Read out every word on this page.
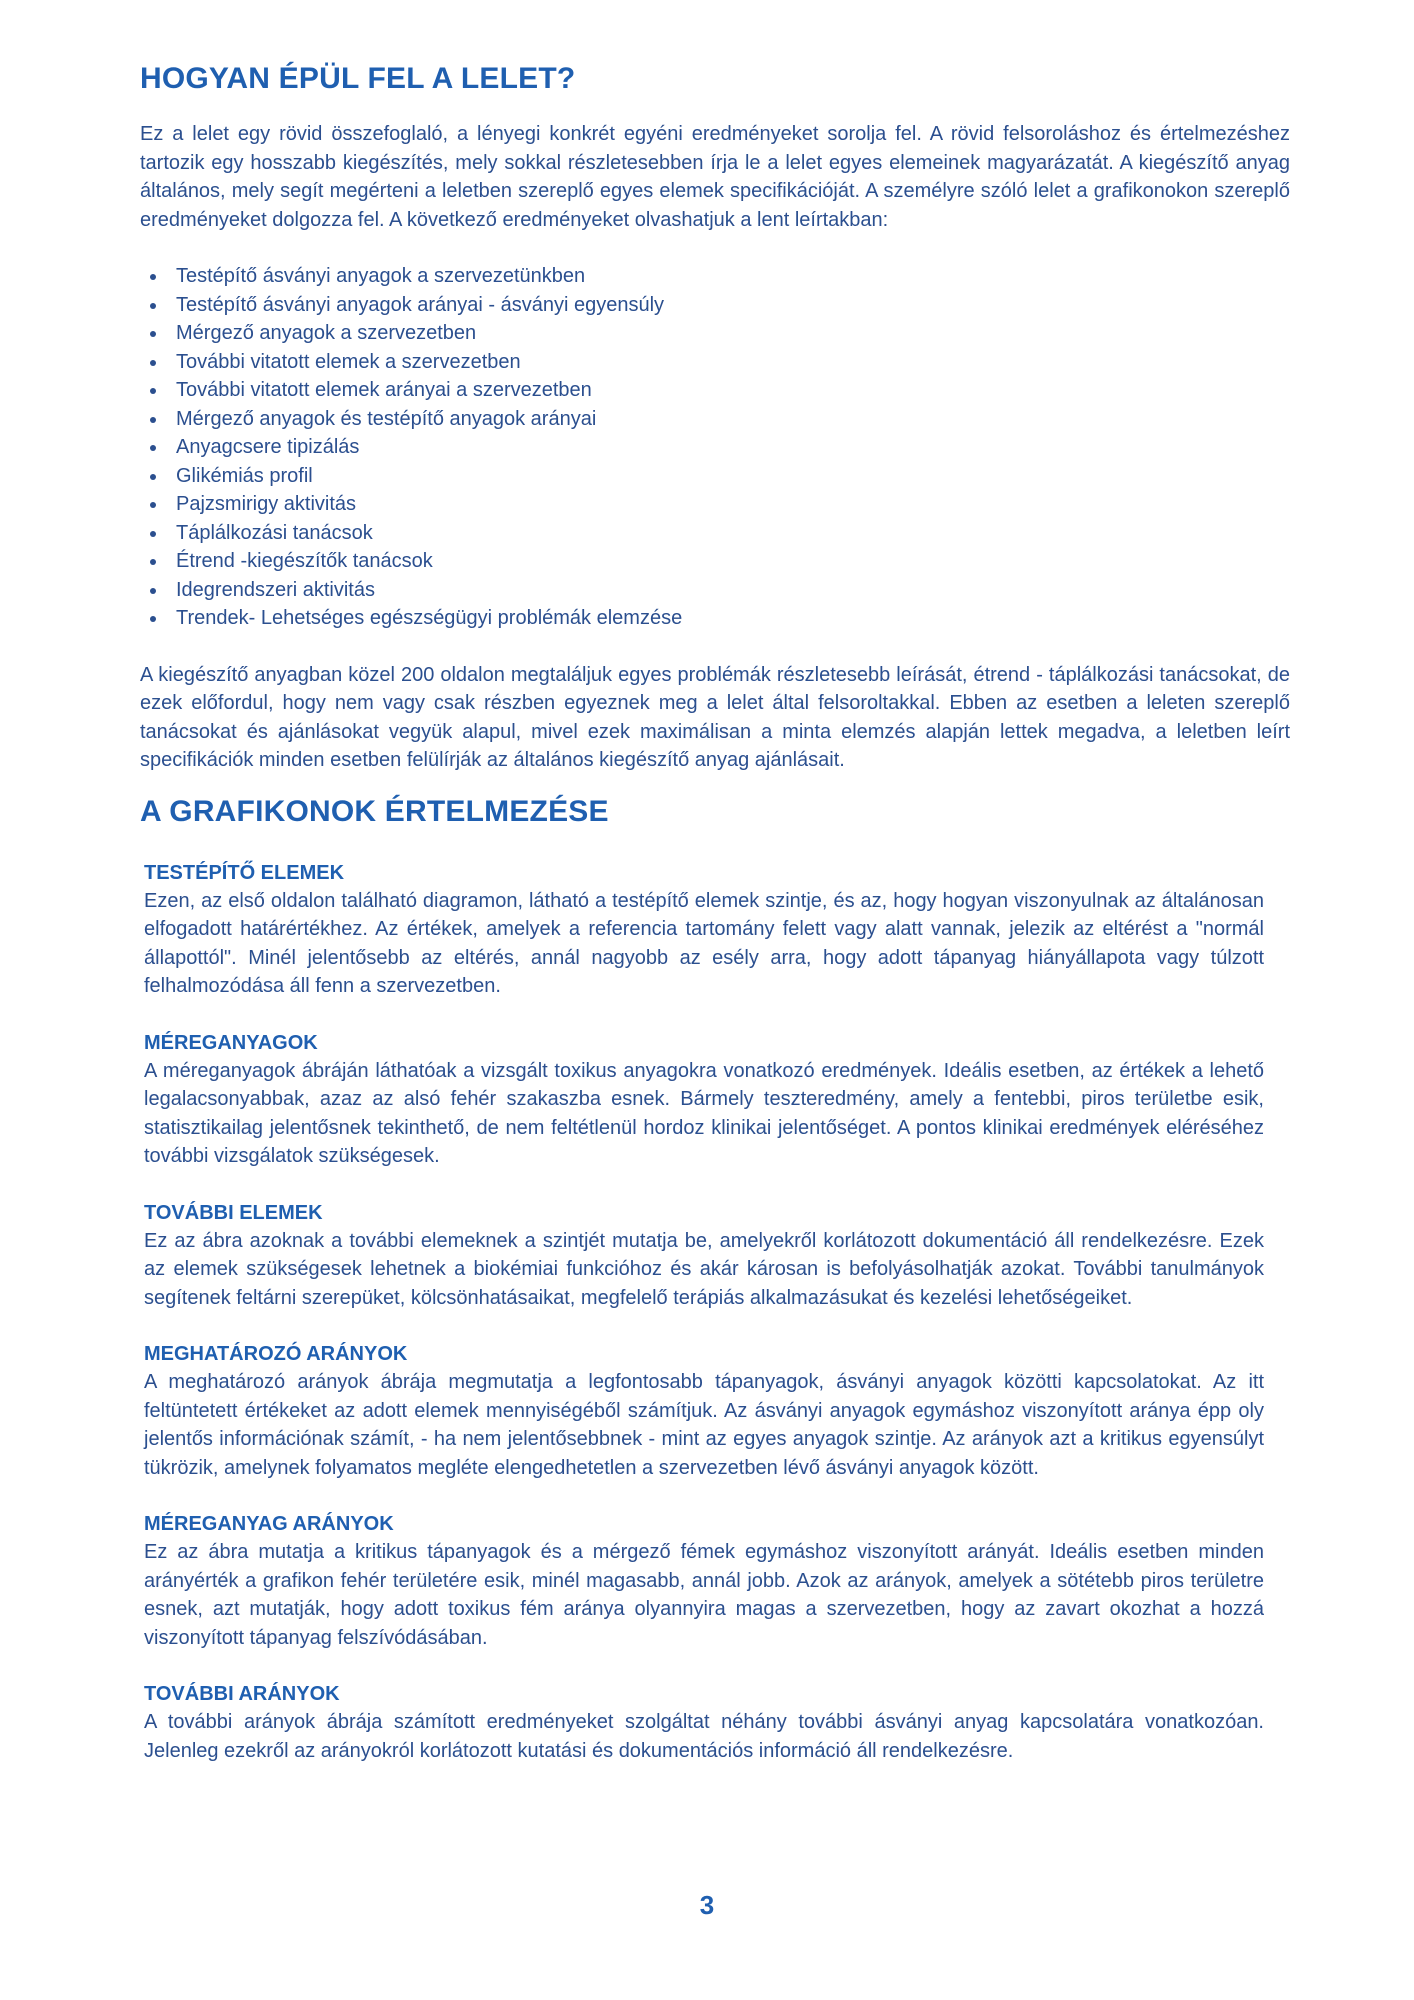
HOGYAN ÉPÜL FEL A LELET?

Ez a lelet egy rövid összefoglaló, a lényegi konkrét egyéni eredményeket sorolja fel. A rövid felsoroláshoz és értelmezéshez tartozik egy hosszabb kiegészítés, mely sokkal részletesebben írja le a lelet egyes elemeinek magyarázatát. A kiegészítő anyag általános, mely segít megérteni a leletben szereplő egyes elemek specifikációját. A személyre szóló lelet a grafikonokon szereplő eredményeket dolgozza fel. A következő eredményeket olvashatjuk a lent leírtakban:

Testépítő ásványi anyagok a szervezetünkben
Testépítő ásványi anyagok arányai - ásványi egyensúly
Mérgező anyagok a szervezetben
További vitatott elemek a szervezetben
További vitatott elemek arányai a szervezetben
Mérgező anyagok és testépítő anyagok arányai
Anyagcsere tipizálás
Glikémiás profil
Pajzsmirigy aktivitás
Táplálkozási tanácsok
Étrend -kiegészítők tanácsok
Idegrendszeri aktivitás
Trendek- Lehetséges egészségügyi problémák elemzése

A kiegészítő anyagban közel 200 oldalon megtaláljuk egyes problémák részletesebb leírását, étrend - táplálkozási tanácsokat, de ezek előfordul, hogy nem vagy csak részben egyeznek meg a lelet által felsoroltakkal. Ebben az esetben a leleten szereplő tanácsokat és ajánlásokat vegyük alapul, mivel ezek maximálisan a minta elemzés alapján lettek megadva, a leletben leírt specifikációk minden esetben felülírják az általános kiegészítő anyag ajánlásait.

A GRAFIKONOK ÉRTELMEZÉSE
TESTÉPÍTŐ ELEMEK

Ezen, az első oldalon található diagramon, látható a testépítő elemek szintje, és az, hogy hogyan viszonyulnak az általánosan elfogadott határértékhez. Az értékek, amelyek a referencia tartomány felett vagy alatt vannak, jelezik az eltérést a "normál állapottól". Minél jelentősebb az eltérés, annál nagyobb az esély arra, hogy adott tápanyag hiányállapota vagy túlzott felhalmozódása áll fenn a szervezetben.

MÉREGANYAGOK

A méreganyagok ábráján láthatóak a vizsgált toxikus anyagokra vonatkozó eredmények. Ideális esetben, az értékek a lehető legalacsonyabbak, azaz az alsó fehér szakaszba esnek. Bármely teszteredmény, amely a fentebbi, piros területbe esik, statisztikailag jelentősnek tekinthető, de nem feltétlenül hordoz klinikai jelentőséget. A pontos klinikai eredmények eléréséhez további vizsgálatok szükségesek.

TOVÁBBI ELEMEK

Ez az ábra azoknak a további elemeknek a szintjét mutatja be, amelyekről korlátozott dokumentáció áll rendelkezésre. Ezek az elemek szükségesek lehetnek a biokémiai funkcióhoz és akár károsan is befolyásolhatják azokat. További tanulmányok segítenek feltárni szerepüket, kölcsönhatásaikat, megfelelő terápiás alkalmazásukat és kezelési lehetőségeiket.

MEGHATÁROZÓ ARÁNYOK

A meghatározó arányok ábrája megmutatja a legfontosabb tápanyagok, ásványi anyagok közötti kapcsolatokat. Az itt feltüntetett értékeket az adott elemek mennyiségéből számítjuk. Az ásványi anyagok egymáshoz viszonyított aránya épp oly jelentős információnak számít, - ha nem jelentősebbnek - mint az egyes anyagok szintje. Az arányok azt a kritikus egyensúlyt tükrözik, amelynek folyamatos megléte elengedhetetlen a szervezetben lévő ásványi anyagok között.

MÉREGANYAG ARÁNYOK

Ez az ábra mutatja a kritikus tápanyagok és a mérgező fémek egymáshoz viszonyított arányát. Ideális esetben minden arányérték a grafikon fehér területére esik, minél magasabb, annál jobb. Azok az arányok, amelyek a sötétebb piros területre esnek, azt mutatják, hogy adott toxikus fém aránya olyannyira magas a szervezetben, hogy az zavart okozhat a hozzá viszonyított tápanyag felszívódásában.

TOVÁBBI ARÁNYOK

A további arányok ábrája számított eredményeket szolgáltat néhány további ásványi anyag kapcsolatára vonatkozóan. Jelenleg ezekről az arányokról korlátozott kutatási és dokumentációs információ áll rendelkezésre.

3
